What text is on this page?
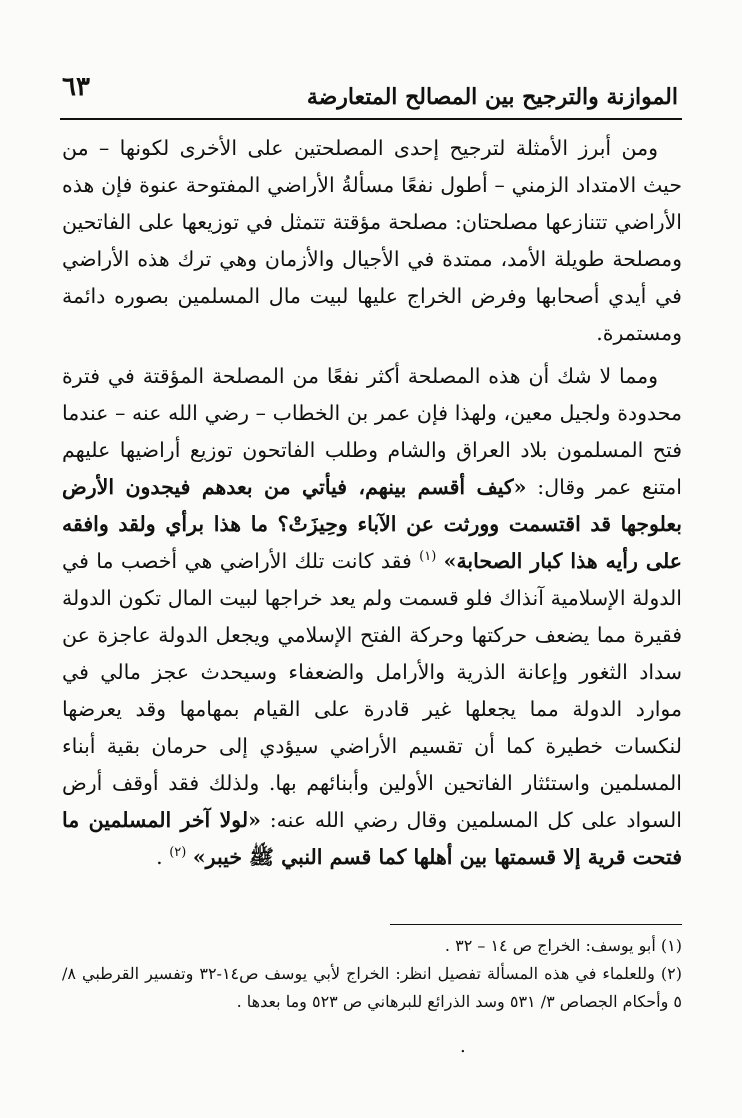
٦٣	الموازنة والترجيح بين المصالح المتعارضة

ومن أبرز الأمثلة لترجيح إحدى المصلحتين على الأخرى لكونها – من حيث الامتداد الزمني – أطول نفعًا مسألةُ الأراضي المفتوحة عنوة فإن هذه الأراضي تتنازعها مصلحتان: مصلحة مؤقتة تتمثل في توزيعها على الفاتحين ومصلحة طويلة الأمد، ممتدة في الأجيال والأزمان وهي ترك هذه الأراضي في أيدي أصحابها وفرض الخراج عليها لبيت مال المسلمين بصوره دائمة ومستمرة.

ومما لا شك أن هذه المصلحة أكثر نفعًا من المصلحة المؤقتة في فترة محدودة ولجيل معين، ولهذا فإن عمر بن الخطاب – رضي الله عنه – عندما فتح المسلمون بلاد العراق والشام وطلب الفاتحون توزيع أراضيها عليهم امتنع عمر وقال: «كيف أقسم بينهم، فيأتي من بعدهم فيجدون الأرض بعلوجها قد اقتسمت وورثت عن الآباء وحِيزَتْ؟ ما هذا برأي ولقد وافقه على رأيه هذا كبار الصحابة» $^{(١)}$ فقد كانت تلك الأراضي هي أخصب ما في الدولة الإسلامية آنذاك فلو قسمت ولم يعد خراجها لبيت المال تكون الدولة فقيرة مما يضعف حركتها وحركة الفتح الإسلامي ويجعل الدولة عاجزة عن سداد الثغور وإعانة الذرية والأرامل والضعفاء وسيحدث عجز مالي في موارد الدولة مما يجعلها غير قادرة على القيام بمهامها وقد يعرضها لنكسات خطيرة كما أن تقسيم الأراضي سيؤدي إلى حرمان بقية أبناء المسلمين واستئثار الفاتحين الأولين وأبنائهم بها. ولذلك فقد أوقف أرض السواد على كل المسلمين وقال رضي الله عنه: «لولا آخر المسلمين ما فتحت قرية إلا قسمتها بين أهلها كما قسم النبي ﷺ خيبر» $^{(٢)}$ .

(١) أبو يوسف: الخراج ص ١٤ – ٣٢ .

(٢) وللعلماء في هذه المسألة تفصيل انظر: الخراج لأبي يوسف ص١٤-٣٢ وتفسير القرطبي ٨/ ٥ وأحكام الجصاص ٣/ ٥٣١ وسد الذرائع للبرهاني ص ٥٢٣ وما بعدها .

.
